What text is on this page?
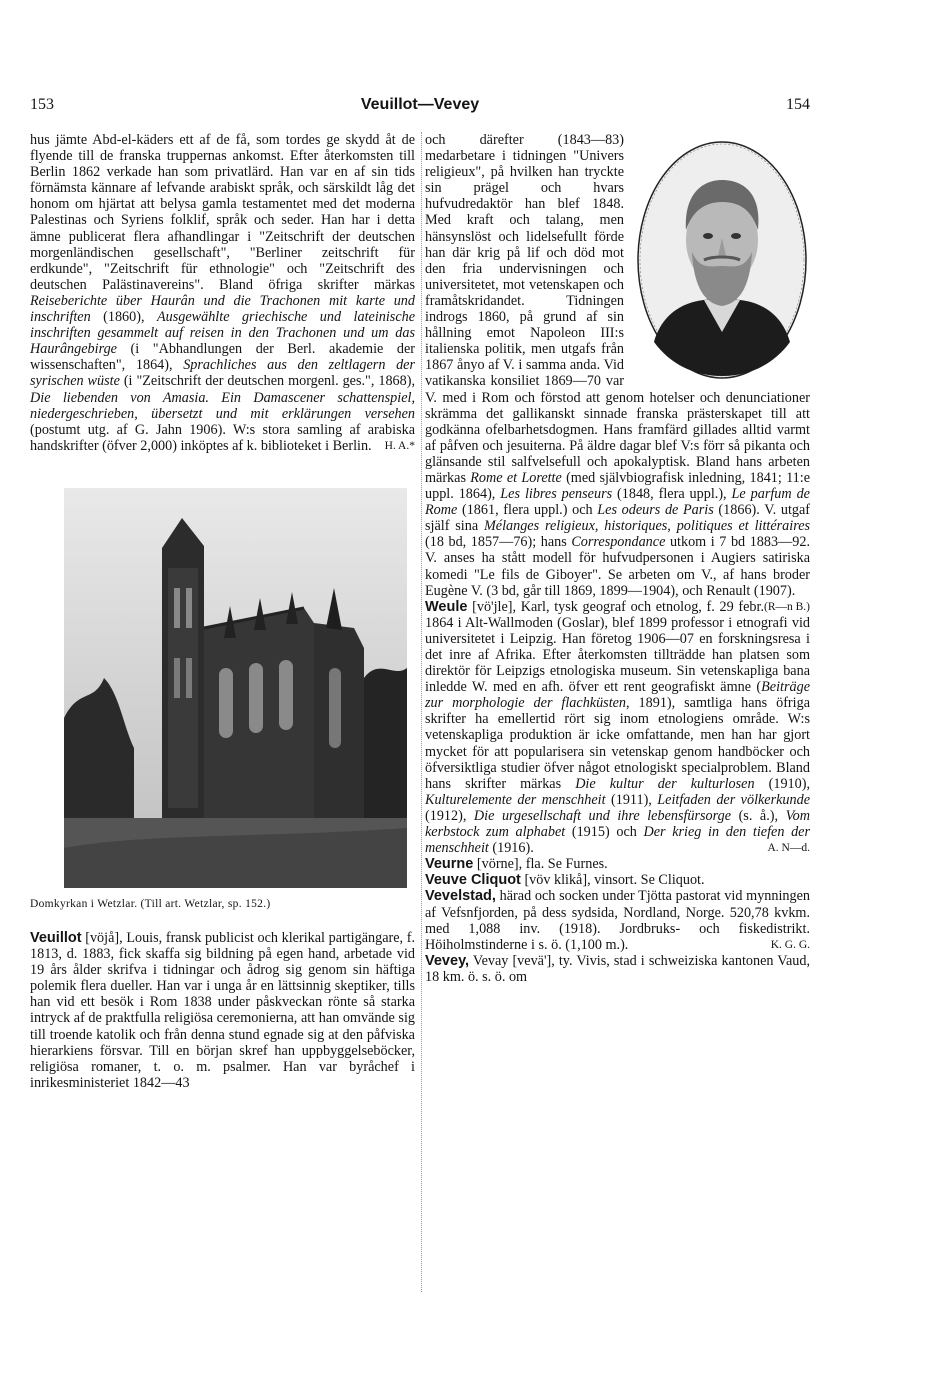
153	Veuillot—Vevey	154

hus jämte Abd-el-käders ett af de få, som tordes ge skydd åt de flyende till de franska truppernas ankomst. Efter återkomsten till Berlin 1862 verkade han som privatlärd. Han var en af sin tids förnämsta kännare af lefvande arabiskt språk, och särskildt låg det honom om hjärtat att belysa gamla testamentet med det moderna Palestinas och Syriens folklif, språk och seder. Han har i detta ämne publicerat flera afhandlingar i "Zeitschrift der deutschen morgenländischen gesellschaft", "Berliner zeitschrift für erdkunde", "Zeitschrift für ethnologie" och "Zeitschrift des deutschen Palästinavereins". Bland öfriga skrifter märkas Reiseberichte über Haurân und die Trachonen mit karte und inschriften (1860), Ausgewählte griechische und lateinische inschriften gesammelt auf reisen in den Trachonen und um das Haurângebirge (i "Abhandlungen der Berl. akademie der wissenschaften", 1864), Sprachliches aus den zeltlagern der syrischen wüste (i "Zeitschrift der deutschen morgenl. ges.", 1868), Die liebenden von Amasia. Ein Damascener schattenspiel, niedergeschrieben, übersetzt und mit erklärungen versehen (postumt utg. af G. Jahn 1906). W:s stora samling af arabiska handskrifter (öfver 2,000) inköptes af k. biblioteket i Berlin. H. A.*

Domkyrkan i Wetzlar. (Till art. Wetzlar, sp. 152.)

Veuillot [vöjå], Louis, fransk publicist och klerikal partigängare, f. 1813, d. 1883, fick skaffa sig bildning på egen hand, arbetade vid 19 års ålder skrifva i tidningar och ådrog sig genom sin häftiga polemik flera dueller. Han var i unga år en lättsinnig skeptiker, tills han vid ett besök i Rom 1838 under påskveckan rönte så starka intryck af de praktfulla religiösa ceremonierna, att han omvände sig till troende katolik och från denna stund egnade sig at den påfviska hierarkiens försvar. Till en början skref han uppbyggelseböcker, religiösa romaner, t. o. m. psalmer. Han var byråchef i inrikesministeriet 1842—43

och därefter (1843—83) medarbetare i tidningen "Univers religieux", på hvilken han tryckte sin prägel och hvars hufvudredaktör han blef 1848. Med kraft och talang, men hänsynslöst och lidelsefullt förde han där krig på lif och död mot den fria undervisningen och universitetet, mot vetenskapen och framåtskridandet. Tidningen indrogs 1860, på grund af sin hållning emot Napoleon III:s italienska politik, men utgafs från 1867 ånyo af V. i samma anda. Vid vatikanska konsiliet 1869—70 var V. med i Rom och förstod att genom hotelser och denunciationer skrämma det gallikanskt sinnade franska prästerskapet till att godkänna ofelbarhetsdogmen. Hans framfärd gillades alltid varmt af påfven och jesuiterna. På äldre dagar blef V:s förr så pikanta och glänsande stil salfvelsefull och apokalyptisk. Bland hans arbeten märkas Rome et Lorette (med självbiografisk inledning, 1841; 11:e uppl. 1864), Les libres penseurs (1848, flera uppl.), Le parfum de Rome (1861, flera uppl.) och Les odeurs de Paris (1866). V. utgaf själf sina Mélanges religieux, historiques, politiques et littéraires (18 bd, 1857—76); hans Correspondance utkom i 7 bd 1883—92. V. anses ha stått modell för hufvudpersonen i Augiers satiriska komedi "Le fils de Giboyer". Se arbeten om V., af hans broder Eugène V. (3 bd, går till 1869, 1899—1904), och Renault (1907).
(R—n B.)

Weule [vö'jle], Karl, tysk geograf och etnolog, f. 29 febr. 1864 i Alt-Wallmoden (Goslar), blef 1899 professor i etnografi vid universitetet i Leipzig. Han företog 1906—07 en forskningsresa i det inre af Afrika. Efter återkomsten tillträdde han platsen som direktör för Leipzigs etnologiska museum. Sin vetenskapliga bana inledde W. med en afh. öfver ett rent geografiskt ämne (Beiträge zur morphologie der flachküsten, 1891), samtliga hans öfriga skrifter ha emellertid rört sig inom etnologiens område. W:s vetenskapliga produktion är icke omfattande, men han har gjort mycket för att popularisera sin vetenskap genom handböcker och öfversiktliga studier öfver något etnologiskt specialproblem. Bland hans skrifter märkas Die kultur der kulturlosen (1910), Kulturelemente der menschheit (1911), Leitfaden der völkerkunde (1912), Die urgesellschaft und ihre lebensfürsorge (s. å.), Vom kerbstock zum alphabet (1915) och Der krieg in den tiefen der menschheit (1916).	A. N—d.

Veurne [vörne], fla. Se Furnes.

Veuve Cliquot [vöv klikå], vinsort. Se Cliquot.

Vevelstad, härad och socken under Tjötta pastorat vid mynningen af Vefsnfjorden, på dess sydsida, Nordland, Norge. 520,78 kvkm. med 1,088 inv. (1918). Jordbruks- och fiskedistrikt. Höiholmstinderne i s. ö. (1,100 m.).	K. G. G.

Vevey, Vevay [vevä'], ty. Vivis, stad i schweiziska kantonen Vaud, 18 km. ö. s. ö. om
